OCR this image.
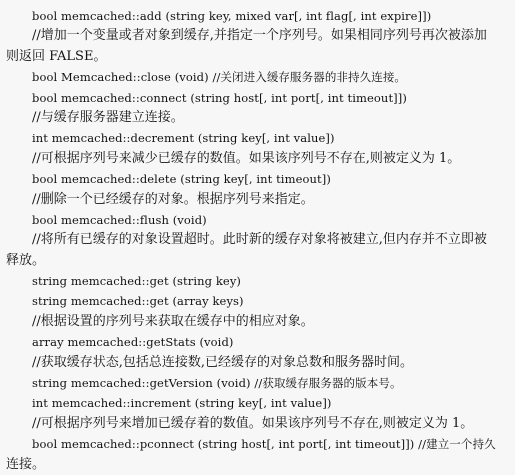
bool memcached::add (string key, mixed var[, int flag[, int expire]])
//增加一个变量或者对象到缓存,并指定一个序列号。如果相同序列号再次被添加
则返回 FALSE。
bool Memcached::close (void) //关闭进入缓存服务器的非持久连接。
bool memcached::connect (string host[, int port[, int timeout]])
//与缓存服务器建立连接。
int memcached::decrement (string key[, int value])
//可根据序列号来减少已缓存的数值。如果该序列号不存在,则被定义为 1。
bool memcached::delete (string key[, int timeout])
//删除一个已经缓存的对象。根据序列号来指定。
bool memcached::flush (void)
//将所有已缓存的对象设置超时。此时新的缓存对象将被建立,但内存并不立即被
释放。
string memcached::get (string key)
string memcached::get (array keys)
//根据设置的序列号来获取在缓存中的相应对象。
array memcached::getStats (void)
//获取缓存状态,包括总连接数,已经缓存的对象总数和服务器时间。
string memcached::getVersion (void) //获取缓存服务器的版本号。
int memcached::increment (string key[, int value])
//可根据序列号来增加已缓存着的数值。如果该序列号不存在,则被定义为 1。
bool memcached::pconnect (string host[, int port[, int timeout]]) //建立一个持久
连接。
